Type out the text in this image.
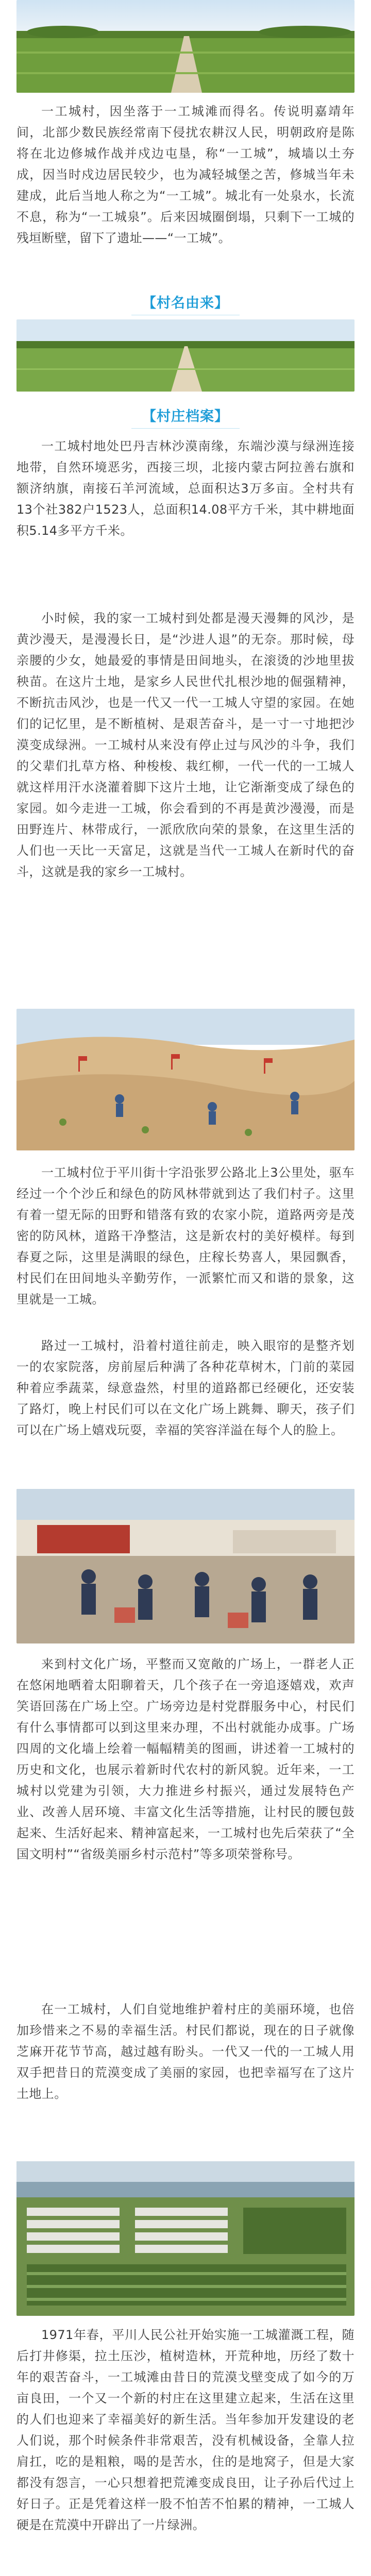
一工城村，因坐落于一工城滩而得名。传说明嘉靖年间，北部少数民族经常南下侵扰农耕汉人民，明朝政府是陈将在北边修城作战并戍边屯垦，称“一工城”，城墙以土夯成，因当时戍边居民较少，也为减轻城堡之苦，修城当年未建成，此后当地人称之为“一工城”。城北有一处泉水，长流不息，称为“一工城泉”。后来因城圈倒塌，只剩下一工城的残垣断壁，留下了遗址——“一工城”。

【村名由来】
【村庄档案】

一工城村地处巴丹吉林沙漠南缘，东端沙漠与绿洲连接地带，自然环境恶劣，西接三坝，北接内蒙古阿拉善右旗和额济纳旗，南接石羊河流域，总面积达3万多亩。全村共有13个社382户1523人，总面积14.08平方千米，其中耕地面积5.14多平方千米。

小时候，我的家一工城村到处都是漫天漫舞的风沙，是黄沙漫天，是漫漫长日，是“沙进人退”的无奈。那时候，母亲腰的少女，她最爱的事情是田间地头，在滚烫的沙地里拔秧苗。在这片土地，是家乡人民世代扎根沙地的倔强精神，不断抗击风沙，也是一代又一代一工城人守望的家园。在她们的记忆里，是不断植树、是艰苦奋斗，是一寸一寸地把沙漠变成绿洲。一工城村从来没有停止过与风沙的斗争，我们的父辈们扎草方格、种梭梭、栽红柳，一代一代的一工城人就这样用汗水浇灌着脚下这片土地，让它渐渐变成了绿色的家园。如今走进一工城，你会看到的不再是黄沙漫漫，而是田野连片、林带成行，一派欣欣向荣的景象，在这里生活的人们也一天比一天富足，这就是当代一工城人在新时代的奋斗，这就是我的家乡一工城村。

一工城村位于平川街十字沿张罗公路北上3公里处，驱车经过一个个沙丘和绿色的防风林带就到达了我们村子。这里有着一望无际的田野和错落有致的农家小院，道路两旁是茂密的防风林，道路干净整洁，这是新农村的美好模样。每到春夏之际，这里是满眼的绿色，庄稼长势喜人，果园飘香，村民们在田间地头辛勤劳作，一派繁忙而又和谐的景象，这里就是一工城。

路过一工城村，沿着村道往前走，映入眼帘的是整齐划一的农家院落，房前屋后种满了各种花草树木，门前的菜园种着应季蔬菜，绿意盎然，村里的道路都已经硬化，还安装了路灯，晚上村民们可以在文化广场上跳舞、聊天，孩子们可以在广场上嬉戏玩耍，幸福的笑容洋溢在每个人的脸上。

来到村文化广场，平整而又宽敞的广场上，一群老人正在悠闲地晒着太阳聊着天，几个孩子在一旁追逐嬉戏，欢声笑语回荡在广场上空。广场旁边是村党群服务中心，村民们有什么事情都可以到这里来办理，不出村就能办成事。广场四周的文化墙上绘着一幅幅精美的图画，讲述着一工城村的历史和文化，也展示着新时代农村的新风貌。近年来，一工城村以党建为引领，大力推进乡村振兴，通过发展特色产业、改善人居环境、丰富文化生活等措施，让村民的腰包鼓起来、生活好起来、精神富起来，一工城村也先后荣获了“全国文明村”“省级美丽乡村示范村”等多项荣誉称号。

在一工城村，人们自觉地维护着村庄的美丽环境，也倍加珍惜来之不易的幸福生活。村民们都说，现在的日子就像芝麻开花节节高，越过越有盼头。一代又一代的一工城人用双手把昔日的荒漠变成了美丽的家园，也把幸福写在了这片土地上。

1971年春，平川人民公社开始实施一工城灌溉工程，随后打井修渠，拉土压沙，植树造林，开荒种地，历经了数十年的艰苦奋斗，一工城滩由昔日的荒漠戈壁变成了如今的万亩良田，一个又一个新的村庄在这里建立起来，生活在这里的人们也迎来了幸福美好的新生活。当年参加开发建设的老人们说，那个时候条件非常艰苦，没有机械设备，全靠人拉肩扛，吃的是粗粮，喝的是苦水，住的是地窝子，但是大家都没有怨言，一心只想着把荒滩变成良田，让子孙后代过上好日子。正是凭着这样一股不怕苦不怕累的精神，一工城人硬是在荒漠中开辟出了一片绿洲。
